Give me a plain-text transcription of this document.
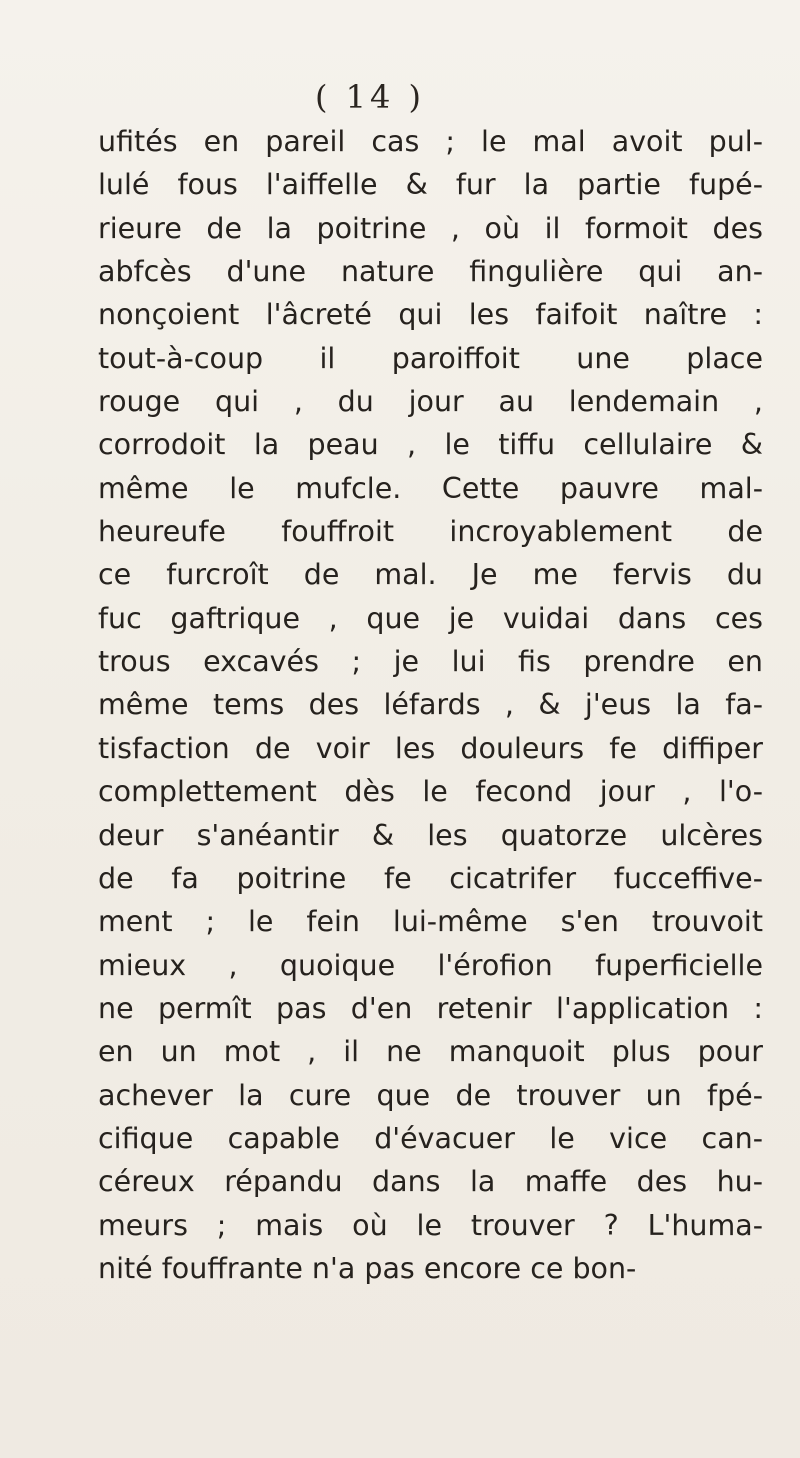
( 14 )
ufités en pareil cas ; le mal avoit pul-
lulé fous l'aiffelle & fur la partie fupé-
rieure de la poitrine , où il formoit des
abfcès d'une nature fingulière qui an-
nonçoient l'âcreté qui les faifoit naître :
tout-à-coup il paroiffoit une place
rouge qui , du jour au lendemain ,
corrodoit la peau , le tiffu cellulaire &
même le mufcle. Cette pauvre mal-
heureufe fouffroit incroyablement de
ce furcroît de mal. Je me fervis du
fuc gaftrique , que je vuidai dans ces
trous excavés ; je lui fis prendre en
même tems des léfards , & j'eus la fa-
tisfaction de voir les douleurs fe diffiper
complettement dès le fecond jour , l'o-
deur s'anéantir & les quatorze ulcères
de fa poitrine fe cicatrifer fucceffive-
ment ; le fein lui-même s'en trouvoit
mieux , quoique l'érofion fuperficielle
ne permît pas d'en retenir l'application :
en un mot , il ne manquoit plus pour
achever la cure que de trouver un fpé-
cifique capable d'évacuer le vice can-
céreux répandu dans la maffe des hu-
meurs ; mais où le trouver ? L'huma-
nité fouffrante n'a pas encore ce bon-
